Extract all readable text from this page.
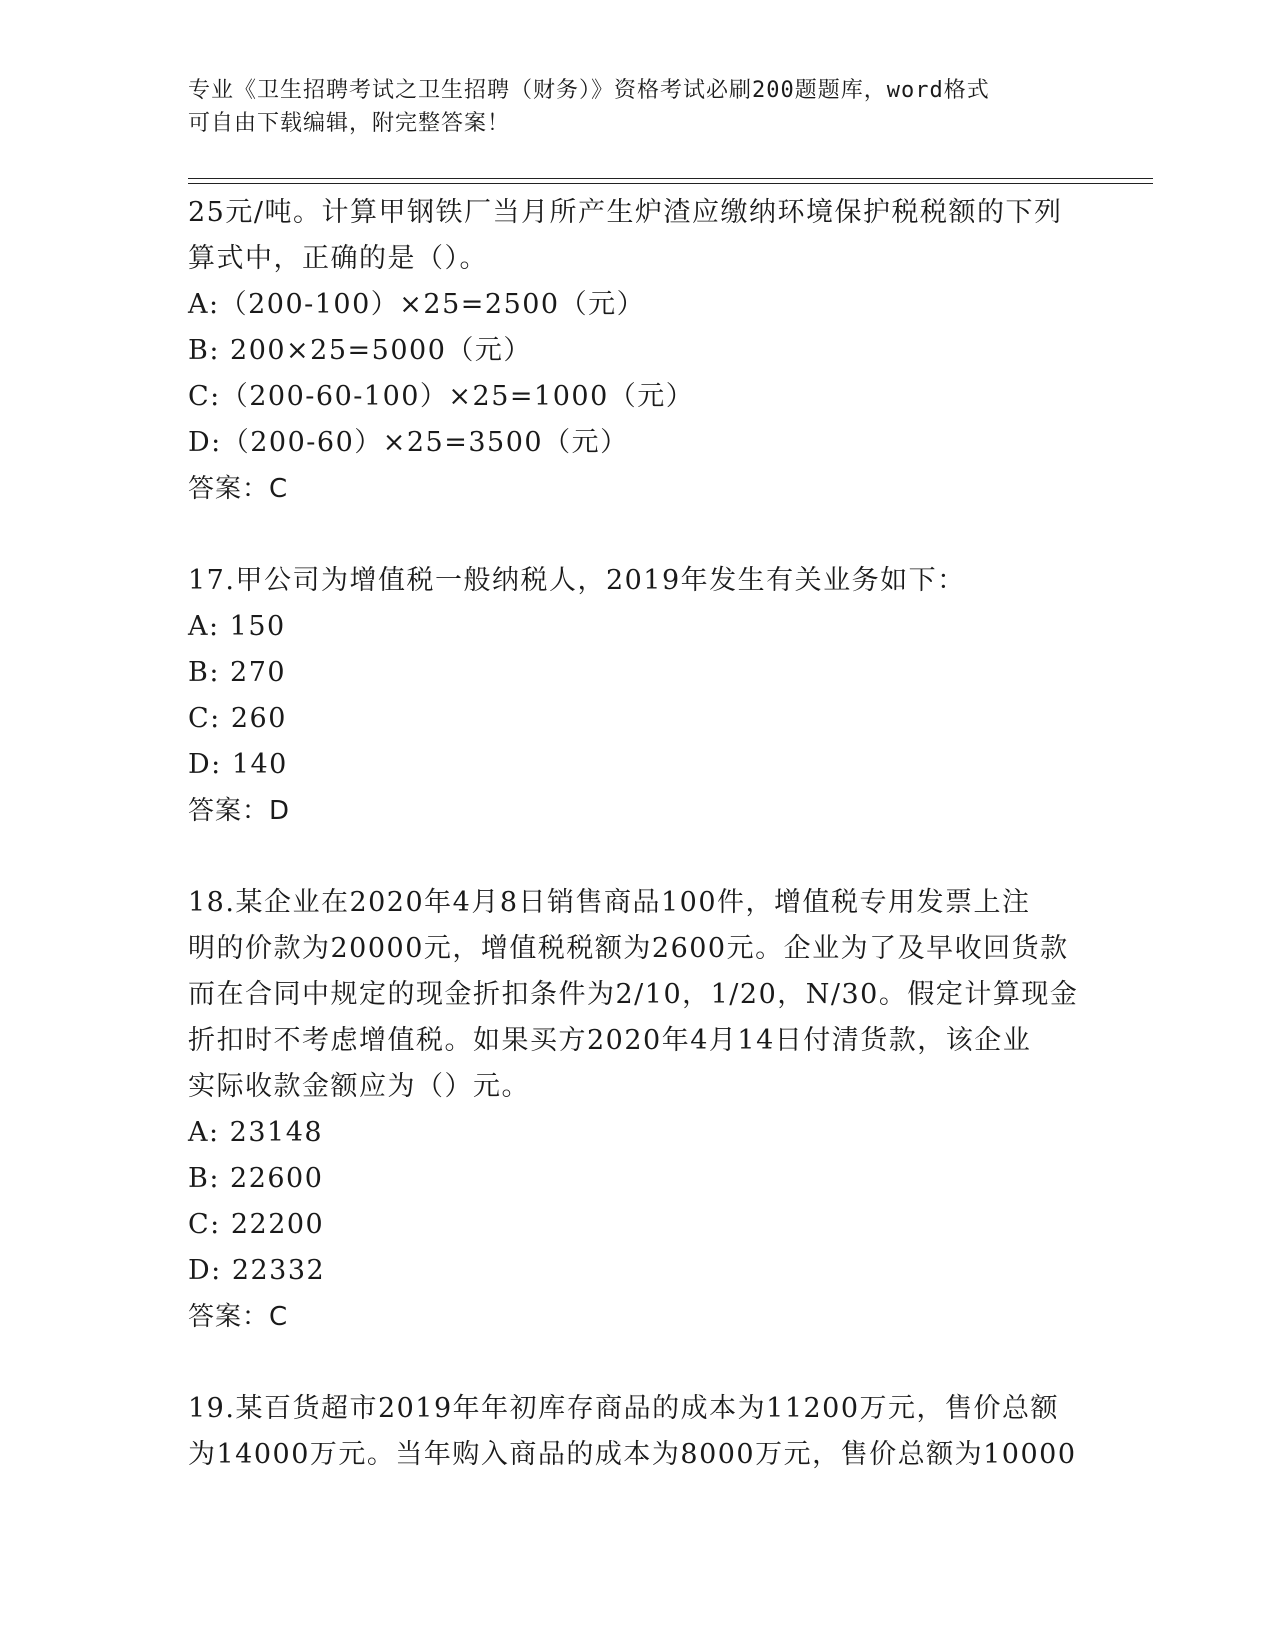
专业《卫生招聘考试之卫生招聘（财务）》资格考试必刷200题题库，word格式
可自由下载编辑，附完整答案！
25元/吨。计算甲钢铁厂当月所产生炉渣应缴纳环境保护税税额的下列
算式中，正确的是（）。
A:（200-100）×25=2500（元）
B: 200×25=5000（元）
C:（200-60-100）×25=1000（元）
D:（200-60）×25=3500（元）
答案：C
17.甲公司为增值税一般纳税人，2019年发生有关业务如下：
A: 150
B: 270
C: 260
D: 140
答案：D
18.某企业在2020年4月8日销售商品100件，增值税专用发票上注
明的价款为20000元，增值税税额为2600元。企业为了及早收回货款
而在合同中规定的现金折扣条件为2/10，1/20，N/30。假定计算现金
折扣时不考虑增值税。如果买方2020年4月14日付清货款，该企业
实际收款金额应为（）元。
A: 23148
B: 22600
C: 22200
D: 22332
答案：C
19.某百货超市2019年年初库存商品的成本为11200万元，售价总额
为14000万元。当年购入商品的成本为8000万元，售价总额为10000
